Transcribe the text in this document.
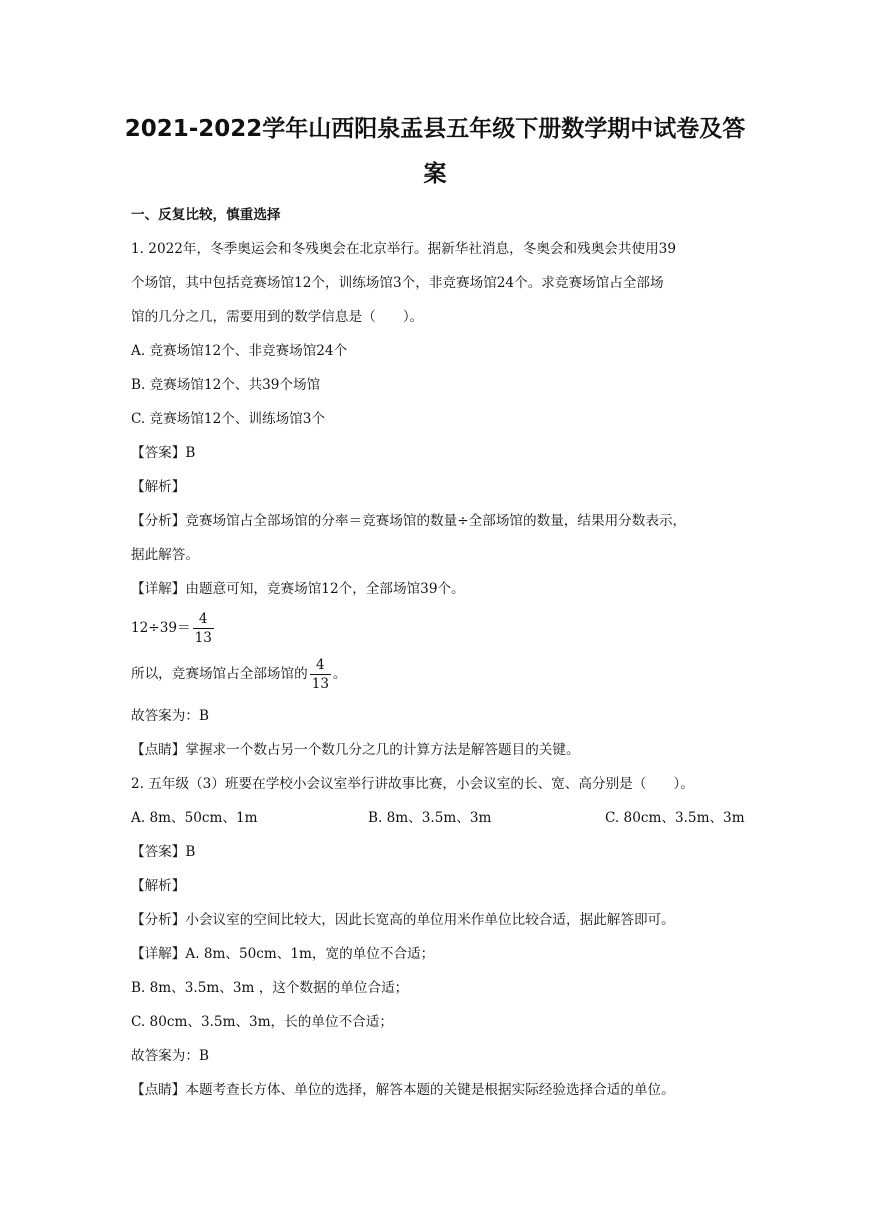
2021-2022学年山西阳泉盂县五年级下册数学期中试卷及答
案
一、反复比较，慎重选择
1. 2022年，冬季奥运会和冬残奥会在北京举行。据新华社消息，冬奥会和残奥会共使用39
个场馆，其中包括竞赛场馆12个，训练场馆3个，非竞赛场馆24个。求竞赛场馆占全部场
馆的几分之几，需要用到的数学信息是（　　）。
A. 竞赛场馆12个、非竞赛场馆24个
B. 竞赛场馆12个、共39个场馆
C. 竞赛场馆12个、训练场馆3个
【答案】B
【解析】
【分析】竞赛场馆占全部场馆的分率＝竞赛场馆的数量÷全部场馆的数量，结果用分数表示，
据此解答。
【详解】由题意可知，竞赛场馆12个，全部场馆39个。
$12\div 39= \frac{4}{13}$
所以，竞赛场馆占全部场馆的 $\frac{4}{13}$ 。
故答案为：B
【点睛】掌握求一个数占另一个数几分之几的计算方法是解答题目的关键。
2. 五年级（3）班要在学校小会议室举行讲故事比赛，小会议室的长、宽、高分别是（　　）。
A. 8m、50cm、1m	B. 8m、3.5m、3m	C. 80cm、3.5m、3m
【答案】B
【解析】
【分析】小会议室的空间比较大，因此长宽高的单位用米作单位比较合适，据此解答即可。
【详解】A. 8m、50cm、1m，宽的单位不合适；
B. 8m、3.5m、3m ，这个数据的单位合适；
C. 80cm、3.5m、3m，长的单位不合适；
故答案为：B
【点睛】本题考查长方体、单位的选择，解答本题的关键是根据实际经验选择合适的单位。
